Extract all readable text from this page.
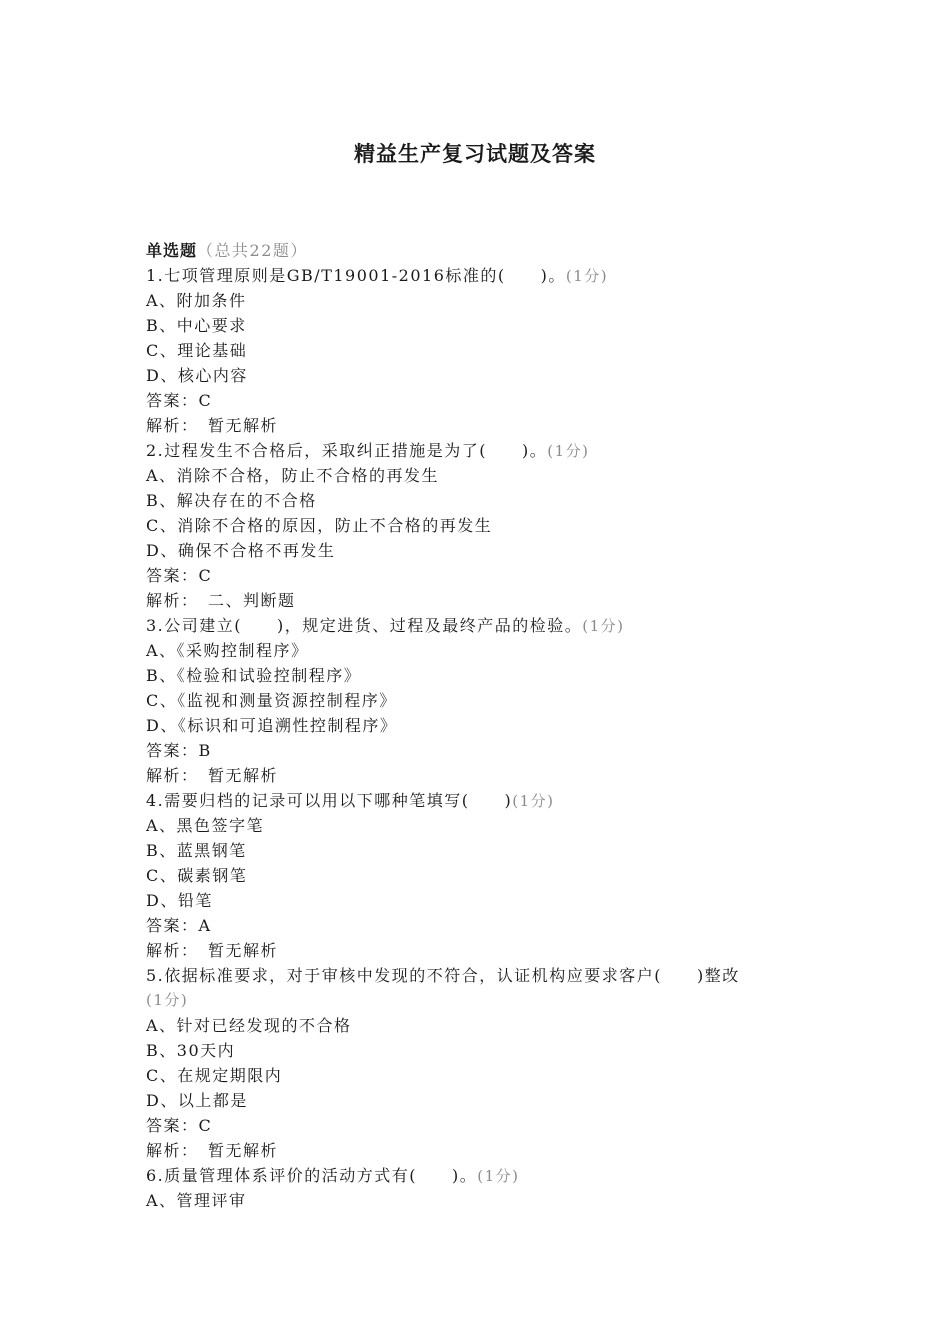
精益生产复习试题及答案
单选题（总共22题）
1.七项管理原则是GB/T19001-2016标准的(　　)。(1分)
A、附加条件
B、中心要求
C、理论基础
D、核心内容
答案：C
解析：　暂无解析
2.过程发生不合格后，采取纠正措施是为了(　　)。(1分)
A、消除不合格，防止不合格的再发生
B、解决存在的不合格
C、消除不合格的原因，防止不合格的再发生
D、确保不合格不再发生
答案：C
解析：　二、判断题
3.公司建立(　　)，规定进货、过程及最终产品的检验。(1分)
A、《采购控制程序》
B、《检验和试验控制程序》
C、《监视和测量资源控制程序》
D、《标识和可追溯性控制程序》
答案：B
解析：　暂无解析
4.需要归档的记录可以用以下哪种笔填写(　　)(1分)
A、黑色签字笔
B、蓝黑钢笔
C、碳素钢笔
D、铅笔
答案：A
解析：　暂无解析
5.依据标准要求，对于审核中发现的不符合，认证机构应要求客户(　　)整改
(1分)
A、针对已经发现的不合格
B、30天内
C、在规定期限内
D、以上都是
答案：C
解析：　暂无解析
6.质量管理体系评价的活动方式有(　　)。(1分)
A、管理评审
